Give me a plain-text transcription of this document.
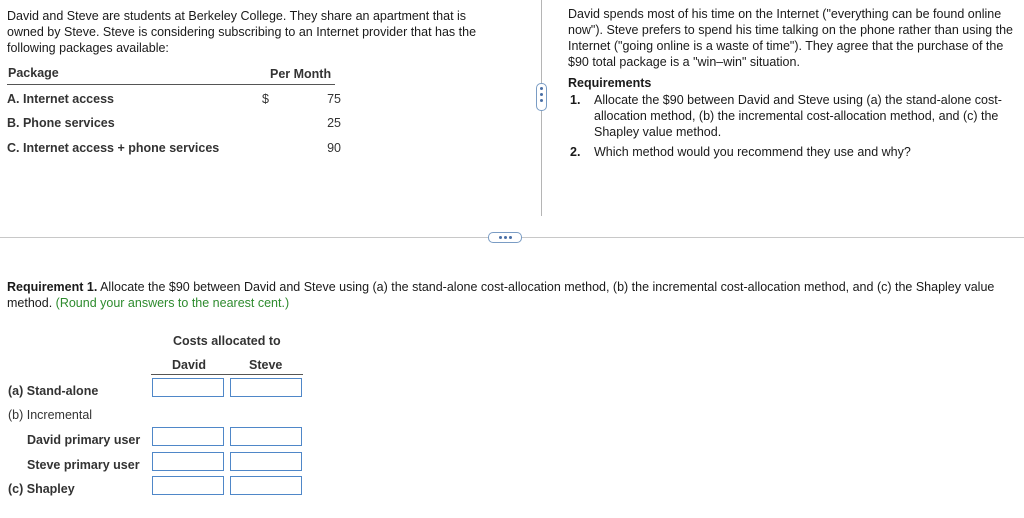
David and Steve are students at Berkeley College. They share an apartment that is owned by Steve. Steve is considering subscribing to an Internet provider that has the following packages available:
Package	Per Month
A. Internet access	$	75
B. Phone services	25
C. Internet access + phone services	90
David spends most of his time on the Internet ("everything can be found online now"). Steve prefers to spend his time talking on the phone rather than using the Internet ("going online is a waste of time"). They agree that the purchase of the $90 total package is a "win–win" situation.
Requirements
1.	Allocate the $90 between David and Steve using (a) the stand-alone cost-allocation method, (b) the incremental cost-allocation method, and (c) the Shapley value method.
2.	Which method would you recommend they use and why?
Requirement 1. Allocate the $90 between David and Steve using (a) the stand-alone cost-allocation method, (b) the incremental cost-allocation method, and (c) the Shapley value method. (Round your answers to the nearest cent.)
Costs allocated to
David	Steve
(a) Stand-alone
(b) Incremental
David primary user
Steve primary user
(c) Shapley
